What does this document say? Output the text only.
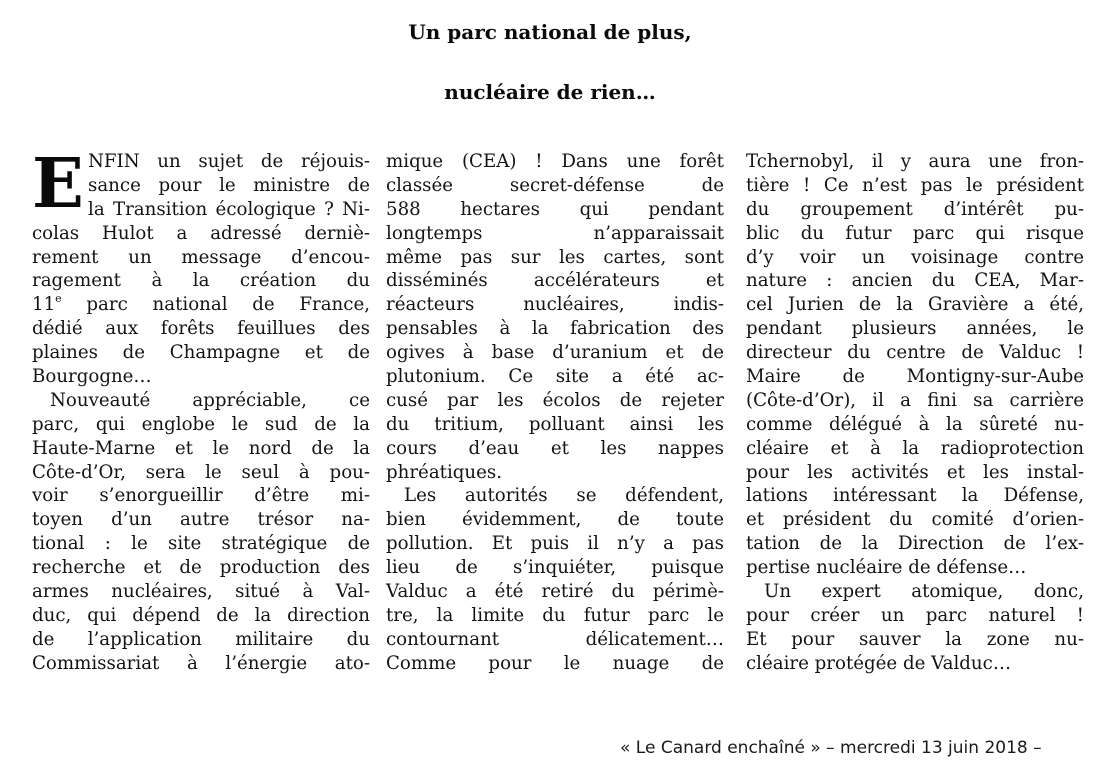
Un parc national de plus,
nucléaire de rien…
E NFIN un sujet de réjouis-
sance pour le ministre de
la Transition écologique ? Ni-
colas Hulot a adressé derniè-
rement un message d’encou-
ragement à la création du
11e parc national de France,
dédié aux forêts feuillues des
plaines de Champagne et de
Bourgogne…
Nouveauté appréciable, ce
parc, qui englobe le sud de la
Haute-Marne et le nord de la
Côte-d’Or, sera le seul à pou-
voir s’enorgueillir d’être mi-
toyen d’un autre trésor na-
tional : le site stratégique de
recherche et de production des
armes nucléaires, situé à Val-
duc, qui dépend de la direction
de l’application militaire du
Commissariat à l’énergie ato-
mique (CEA) ! Dans une forêt
classée secret-défense de
588 hectares qui pendant
longtemps n’apparaissait
même pas sur les cartes, sont
disséminés accélérateurs et
réacteurs nucléaires, indis-
pensables à la fabrication des
ogives à base d’uranium et de
plutonium. Ce site a été ac-
cusé par les écolos de rejeter
du tritium, polluant ainsi les
cours d’eau et les nappes
phréatiques.
Les autorités se défendent,
bien évidemment, de toute
pollution. Et puis il n’y a pas
lieu de s’inquiéter, puisque
Valduc a été retiré du périmè-
tre, la limite du futur parc le
contournant délicatement…
Comme pour le nuage de
Tchernobyl, il y aura une fron-
tière ! Ce n’est pas le président
du groupement d’intérêt pu-
blic du futur parc qui risque
d’y voir un voisinage contre
nature : ancien du CEA, Mar-
cel Jurien de la Gravière a été,
pendant plusieurs années, le
directeur du centre de Valduc !
Maire de Montigny-sur-Aube
(Côte-d’Or), il a fini sa carrière
comme délégué à la sûreté nu-
cléaire et à la radioprotection
pour les activités et les instal-
lations intéressant la Défense,
et président du comité d’orien-
tation de la Direction de l’ex-
pertise nucléaire de défense…
Un expert atomique, donc,
pour créer un parc naturel !
Et pour sauver la zone nu-
cléaire protégée de Valduc…
« Le Canard enchaîné » – mercredi 13 juin 2018 –
